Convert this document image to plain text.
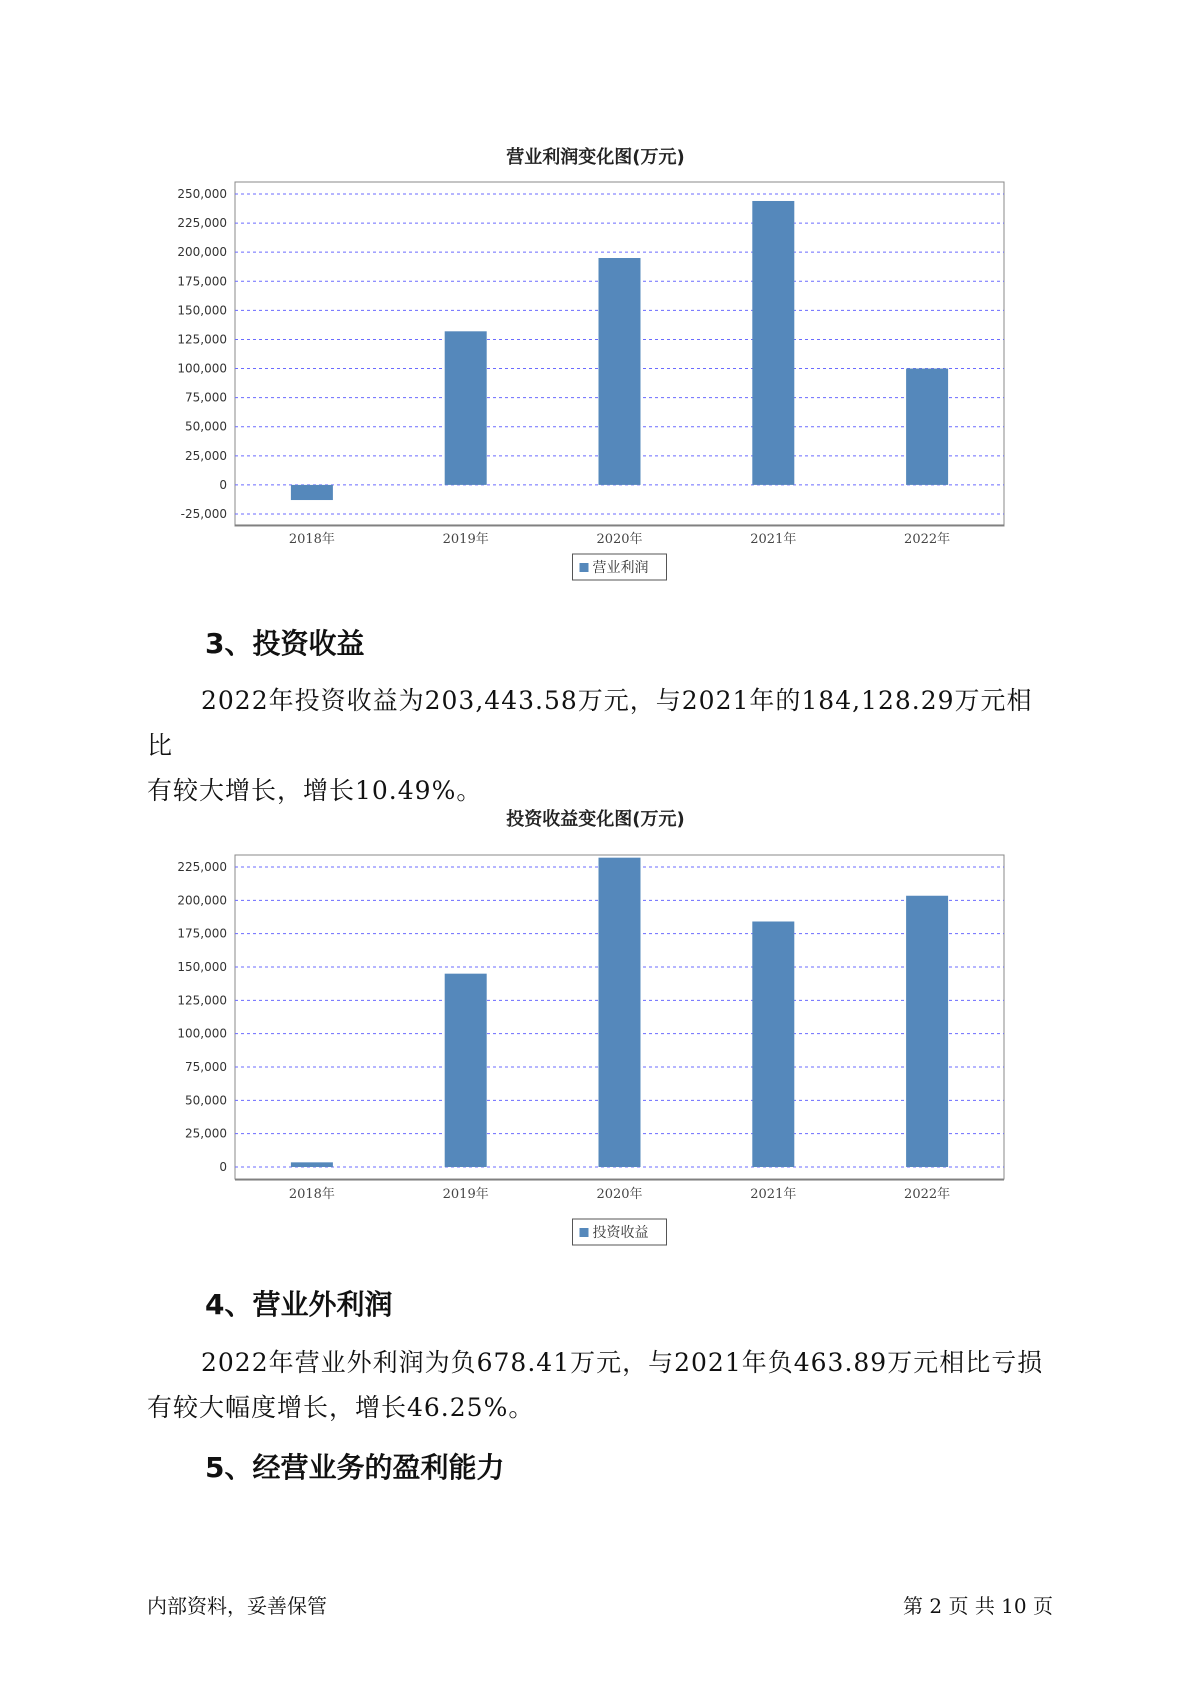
营业利润变化图(万元)
-25,000
0
25,000
50,000
75,000
100,000
125,000
150,000
175,000
200,000
225,000
250,000
2018年	2019年	2020年	2021年	2022年
营业利润
3、投资收益

2022年投资收益为203,443.58万元，与2021年的184,128.29万元相比
有较大增长，增长10.49%。

投资收益变化图(万元)
0
25,000
50,000
75,000
100,000
125,000
150,000
175,000
200,000
225,000
2018年	2019年	2020年	2021年	2022年
投资收益
4、营业外利润

2022年营业外利润为负678.41万元，与2021年负463.89万元相比亏损
有较大幅度增长，增长46.25%。

5、经营业务的盈利能力
内部资料，妥善保管	第 2 页 共 10 页
